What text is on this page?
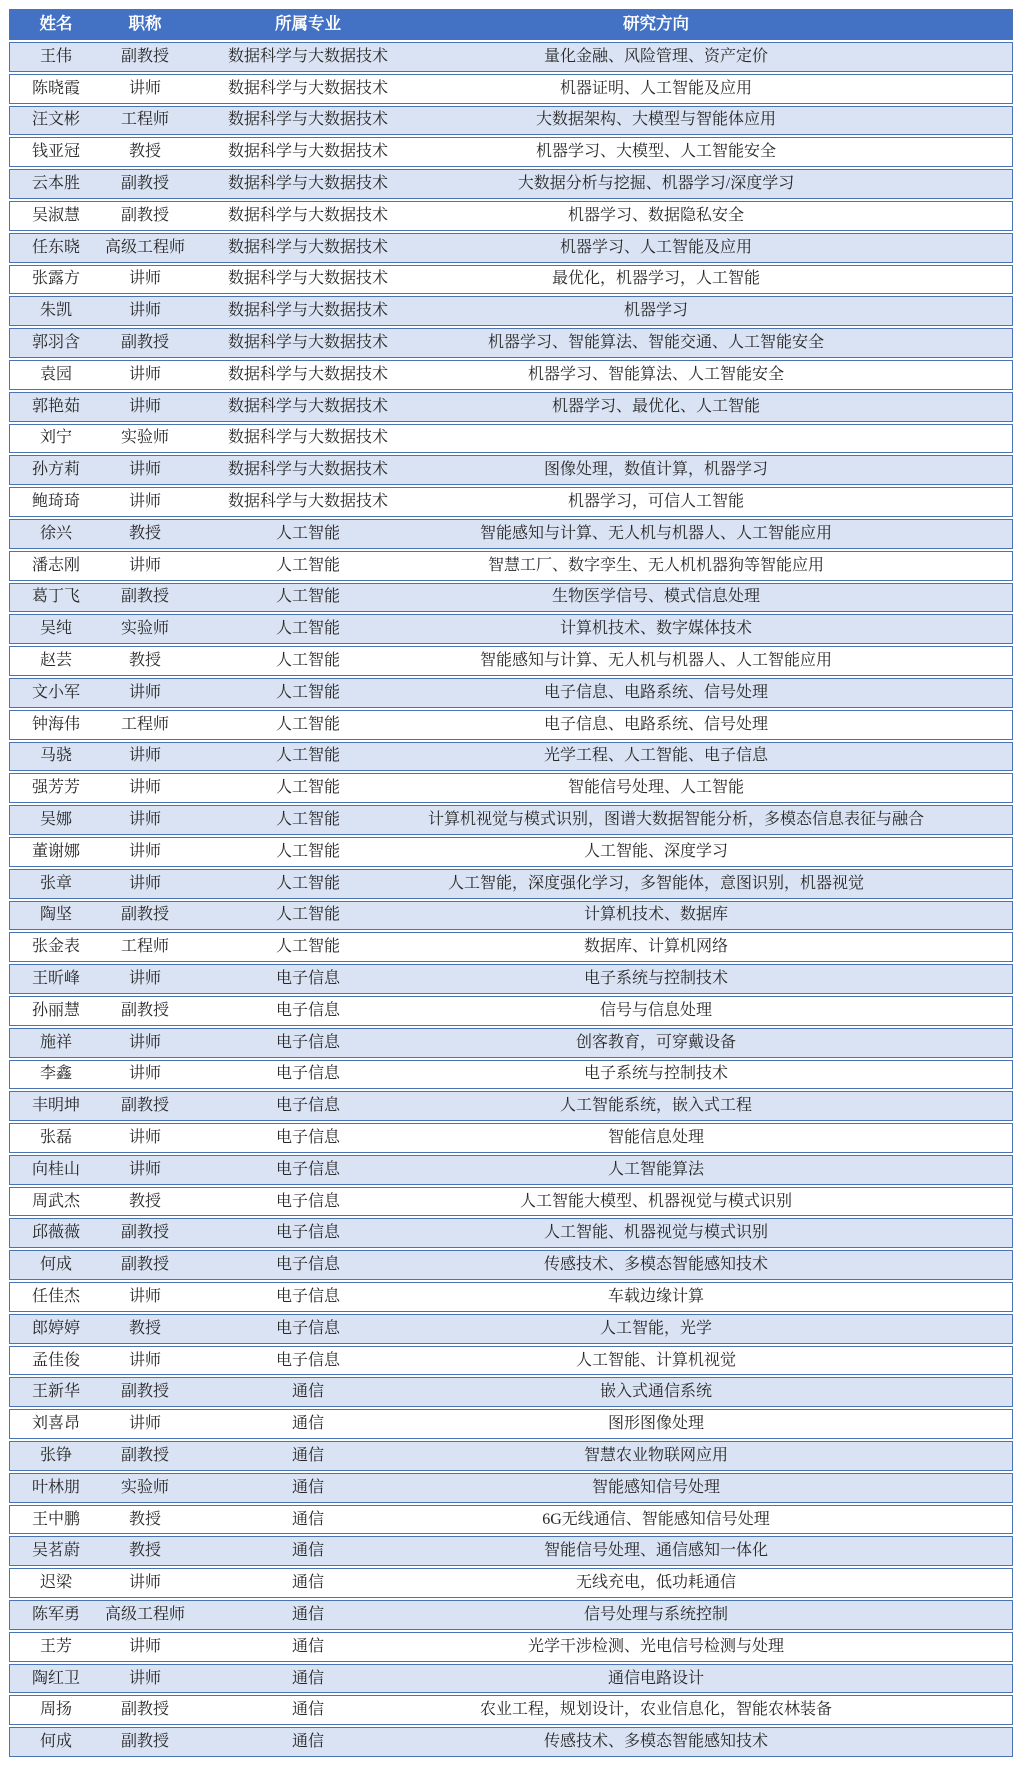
姓名	职称	所属专业	研究方向
王伟	副教授	数据科学与大数据技术	量化金融、风险管理、资产定价
陈晓霞	讲师	数据科学与大数据技术	机器证明、人工智能及应用
汪文彬	工程师	数据科学与大数据技术	大数据架构、大模型与智能体应用
钱亚冠	教授	数据科学与大数据技术	机器学习、大模型、人工智能安全
云本胜	副教授	数据科学与大数据技术	大数据分析与挖掘、机器学习/深度学习
吴淑慧	副教授	数据科学与大数据技术	机器学习、数据隐私安全
任东晓	高级工程师	数据科学与大数据技术	机器学习、人工智能及应用
张露方	讲师	数据科学与大数据技术	最优化，机器学习，人工智能
朱凯	讲师	数据科学与大数据技术	机器学习
郭羽含	副教授	数据科学与大数据技术	机器学习、智能算法、智能交通、人工智能安全
袁园	讲师	数据科学与大数据技术	机器学习、智能算法、人工智能安全
郭艳茹	讲师	数据科学与大数据技术	机器学习、最优化、人工智能
刘宁	实验师	数据科学与大数据技术
孙方莉	讲师	数据科学与大数据技术	图像处理，数值计算，机器学习
鲍琦琦	讲师	数据科学与大数据技术	机器学习，可信人工智能
徐兴	教授	人工智能	智能感知与计算、无人机与机器人、人工智能应用
潘志刚	讲师	人工智能	智慧工厂、数字孪生、无人机机器狗等智能应用
葛丁飞	副教授	人工智能	生物医学信号、模式信息处理
吴纯	实验师	人工智能	计算机技术、数字媒体技术
赵芸	教授	人工智能	智能感知与计算、无人机与机器人、人工智能应用
文小军	讲师	人工智能	电子信息、电路系统、信号处理
钟海伟	工程师	人工智能	电子信息、电路系统、信号处理
马骁	讲师	人工智能	光学工程、人工智能、电子信息
强芳芳	讲师	人工智能	智能信号处理、人工智能
吴娜	讲师	人工智能	计算机视觉与模式识别，图谱大数据智能分析，多模态信息表征与融合
董谢娜	讲师	人工智能	人工智能、深度学习
张章	讲师	人工智能	人工智能，深度强化学习，多智能体，意图识别，机器视觉
陶坚	副教授	人工智能	计算机技术、数据库
张金表	工程师	人工智能	数据库、计算机网络
王昕峰	讲师	电子信息	电子系统与控制技术
孙丽慧	副教授	电子信息	信号与信息处理
施祥	讲师	电子信息	创客教育，可穿戴设备
李鑫	讲师	电子信息	电子系统与控制技术
丰明坤	副教授	电子信息	人工智能系统，嵌入式工程
张磊	讲师	电子信息	智能信息处理
向桂山	讲师	电子信息	人工智能算法
周武杰	教授	电子信息	人工智能大模型、机器视觉与模式识别
邱薇薇	副教授	电子信息	人工智能、机器视觉与模式识别
何成	副教授	电子信息	传感技术、多模态智能感知技术
任佳杰	讲师	电子信息	车载边缘计算
郎婷婷	教授	电子信息	人工智能，光学
孟佳俊	讲师	电子信息	人工智能、计算机视觉
王新华	副教授	通信	嵌入式通信系统
刘喜昂	讲师	通信	图形图像处理
张铮	副教授	通信	智慧农业物联网应用
叶林朋	实验师	通信	智能感知信号处理
王中鹏	教授	通信	6G无线通信、智能感知信号处理
吴茗蔚	教授	通信	智能信号处理、通信感知一体化
迟梁	讲师	通信	无线充电，低功耗通信
陈军勇	高级工程师	通信	信号处理与系统控制
王芳	讲师	通信	光学干涉检测、光电信号检测与处理
陶红卫	讲师	通信	通信电路设计
周扬	副教授	通信	农业工程，规划设计，农业信息化，智能农林装备
何成	副教授	通信	传感技术、多模态智能感知技术
